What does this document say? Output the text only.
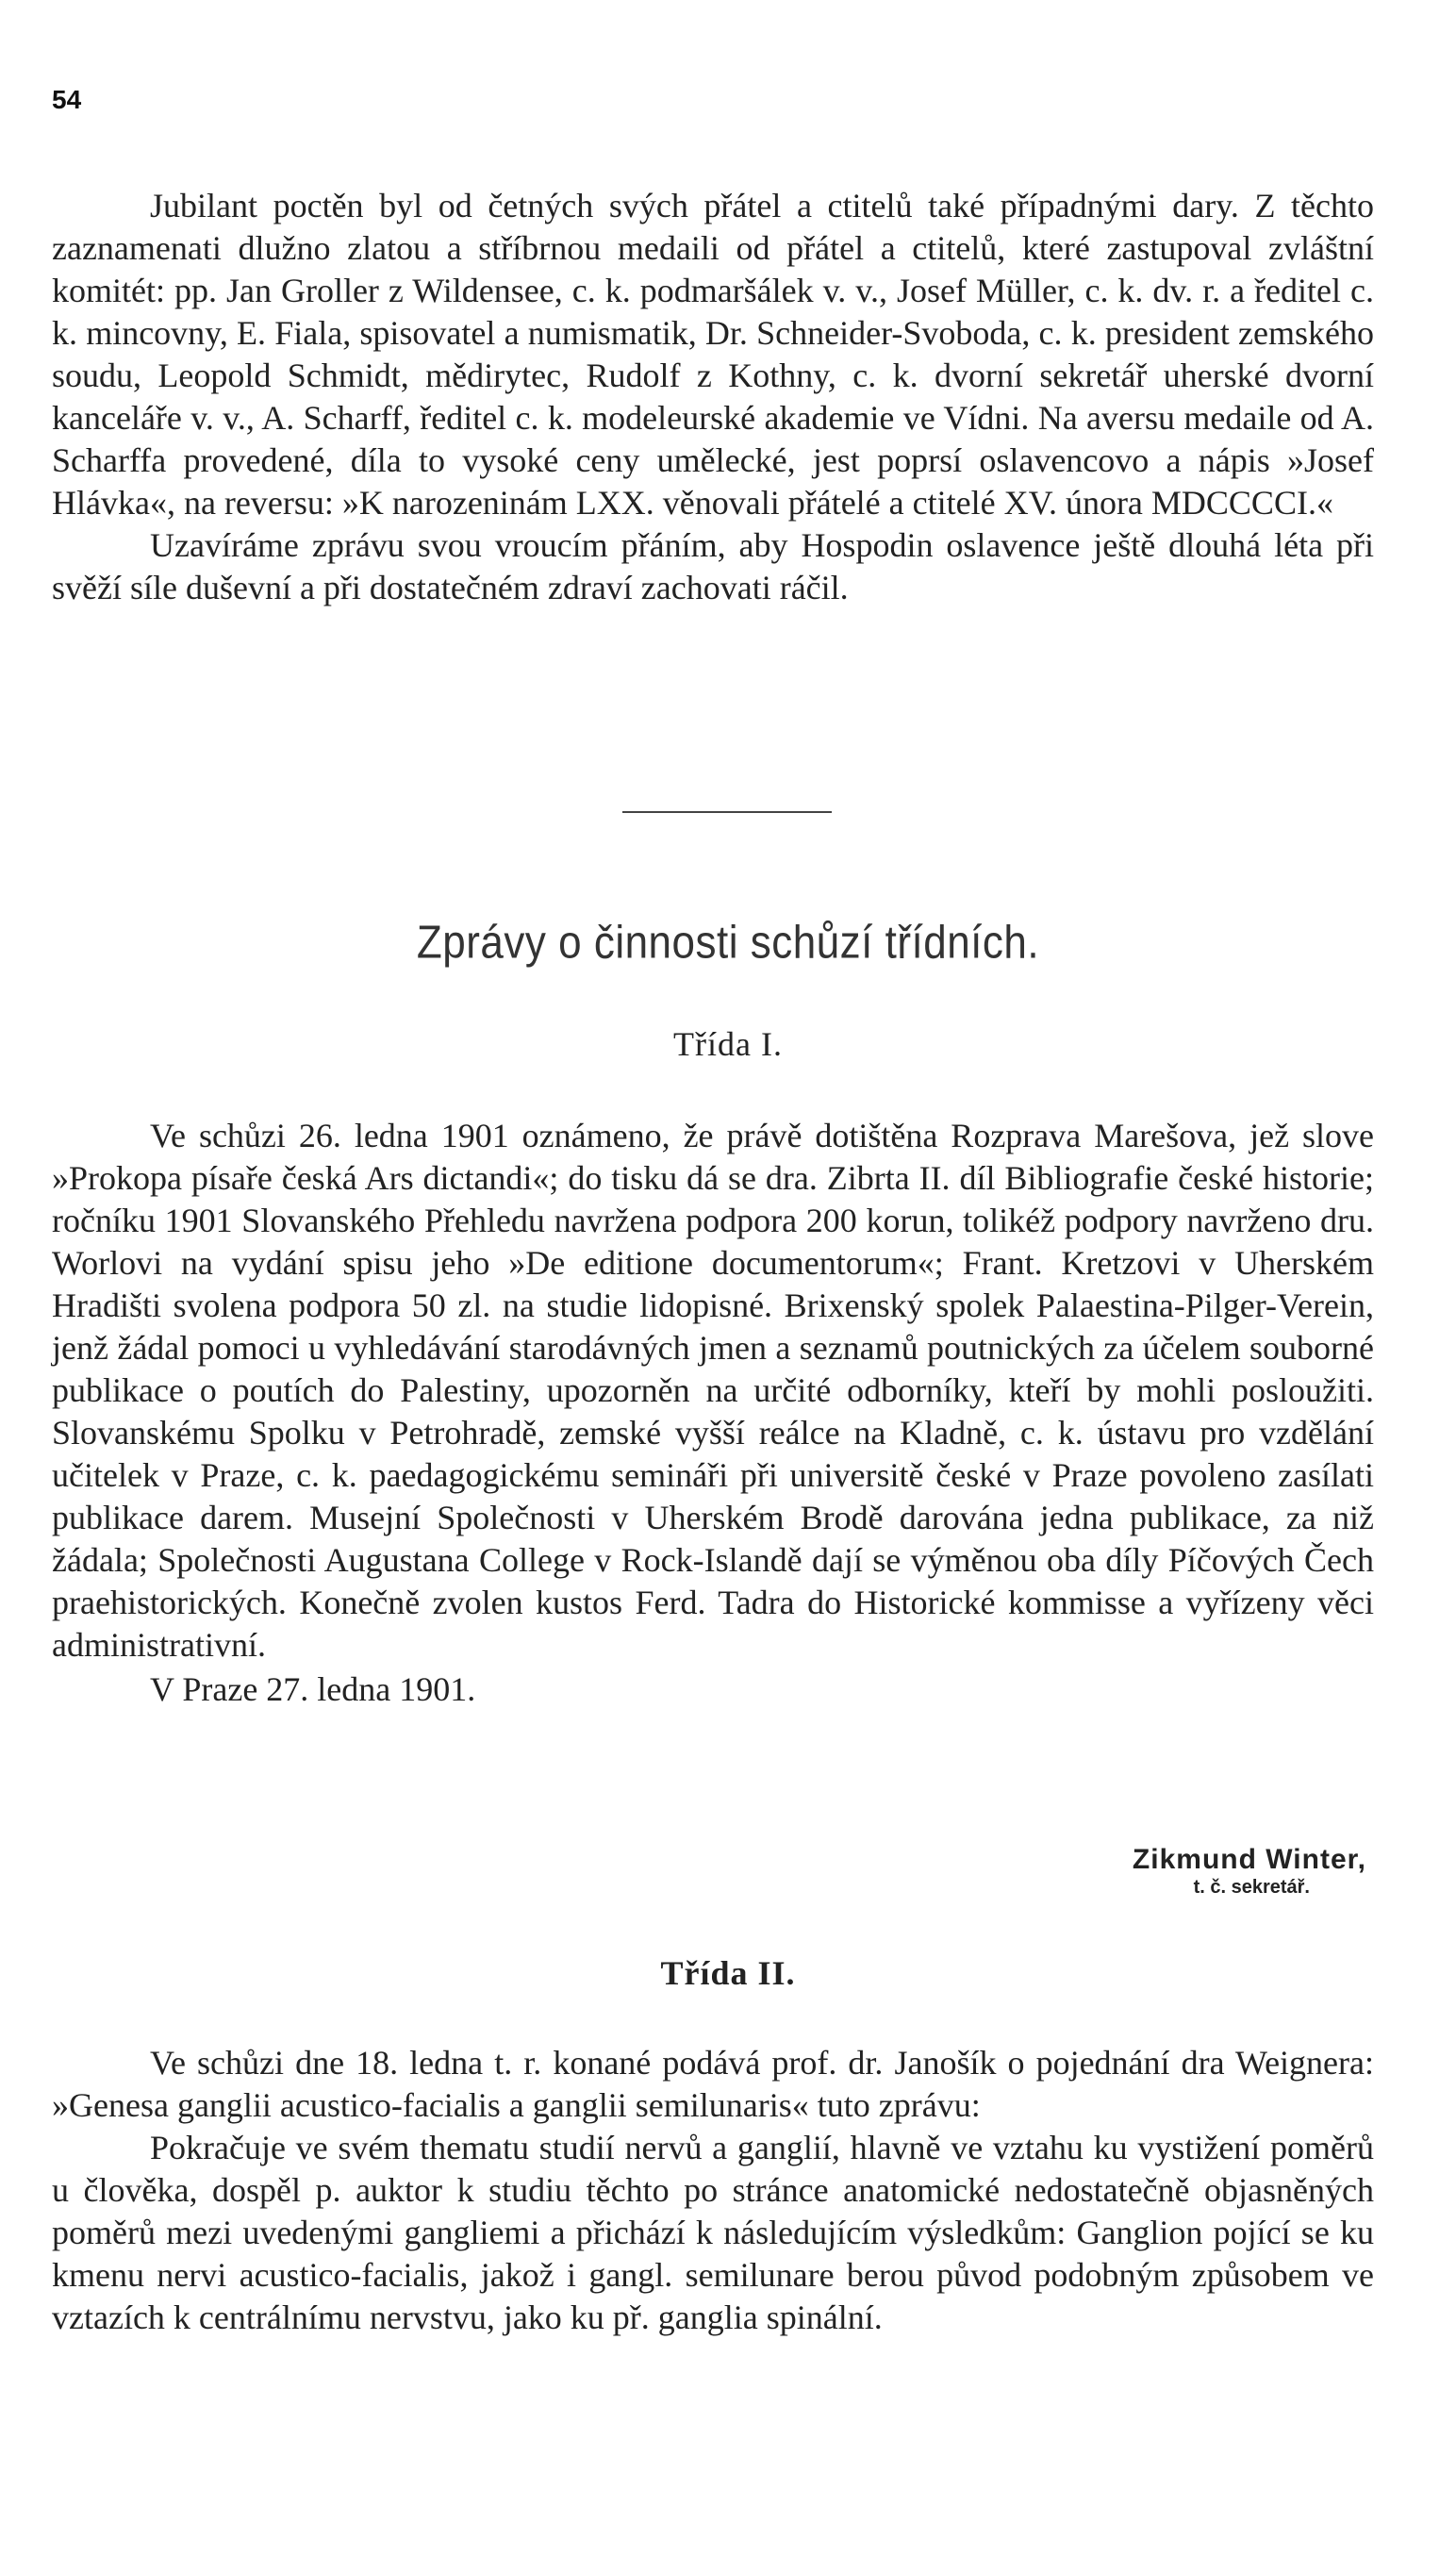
54

Jubilant poctěn byl od četných svých přátel a ctitelů také případnými dary. Z těchto zaznamenati dlužno zlatou a stříbrnou medaili od přátel a ctitelů, které zastupoval zvláštní komitét: pp. Jan Groller z Wildensee, c. k. podmaršálek v. v., Josef Müller, c. k. dv. r. a ředitel c. k. mincovny, E. Fiala, spisovatel a numismatik, Dr. Schneider-Svoboda, c. k. president zemského soudu, Leopold Schmidt, mědirytec, Rudolf z Kothny, c. k. dvorní sekretář uherské dvorní kanceláře v. v., A. Scharff, ředitel c. k. modeleurské akademie ve Vídni. Na aversu medaile od A. Scharffa provedené, díla to vysoké ceny umělecké, jest poprsí oslavencovo a nápis »Josef Hlávka«, na reversu: »K narozeninám LXX. věnovali přátelé a ctitelé XV. února MDCCCCI.«

Uzavíráme zprávu svou vroucím přáním, aby Hospodin oslavence ještě dlouhá léta při svěží síle duševní a při dostatečném zdraví zachovati ráčil.

Zprávy o činnosti schůzí třídních.
Třída I.

Ve schůzi 26. ledna 1901 oznámeno, že právě dotištěna Rozprava Marešova, jež slove »Prokopa písaře česká Ars dictandi«; do tisku dá se dra. Zibrta II. díl Bibliografie české historie; ročníku 1901 Slovanského Přehledu navržena podpora 200 korun, tolikéž podpory navrženo dru. Worlovi na vydání spisu jeho »De editione documentorum«; Frant. Kretzovi v Uherském Hradišti svolena podpora 50 zl. na studie lidopisné. Brixenský spolek Palaestina-Pilger-Verein, jenž žádal pomoci u vyhledávání starodávných jmen a seznamů poutnických za účelem souborné publikace o poutích do Palestiny, upozorněn na určité odborníky, kteří by mohli posloužiti. Slovanskému Spolku v Petrohradě, zemské vyšší reálce na Kladně, c. k. ústavu pro vzdělání učitelek v Praze, c. k. paedagogickému semináři při universitě české v Praze povoleno zasílati publikace darem. Musejní Společnosti v Uherském Brodě darována jedna publikace, za niž žádala; Společnosti Augustana College v Rock-Islandě dají se výměnou oba díly Píčových Čech praehistorických. Konečně zvolen kustos Ferd. Tadra do Historické kommisse a vyřízeny věci administrativní.

V Praze 27. ledna 1901.

Zikmund Winter,
t. č. sekretář.
Třída II.

Ve schůzi dne 18. ledna t. r. konané podává prof. dr. Janošík o pojednání dra Weignera: »Genesa ganglii acustico-facialis a ganglii semilunaris« tuto zprávu:

Pokračuje ve svém thematu studií nervů a ganglií, hlavně ve vztahu ku vystižení poměrů u člověka, dospěl p. auktor k studiu těchto po stránce anatomické nedostatečně objasněných poměrů mezi uvedenými gangliemi a přichází k následujícím výsledkům: Ganglion pojící se ku kmenu nervi acustico-facialis, jakož i gangl. semilunare berou původ podobným způsobem ve vztazích k centrálnímu nervstvu, jako ku př. ganglia spinální.
